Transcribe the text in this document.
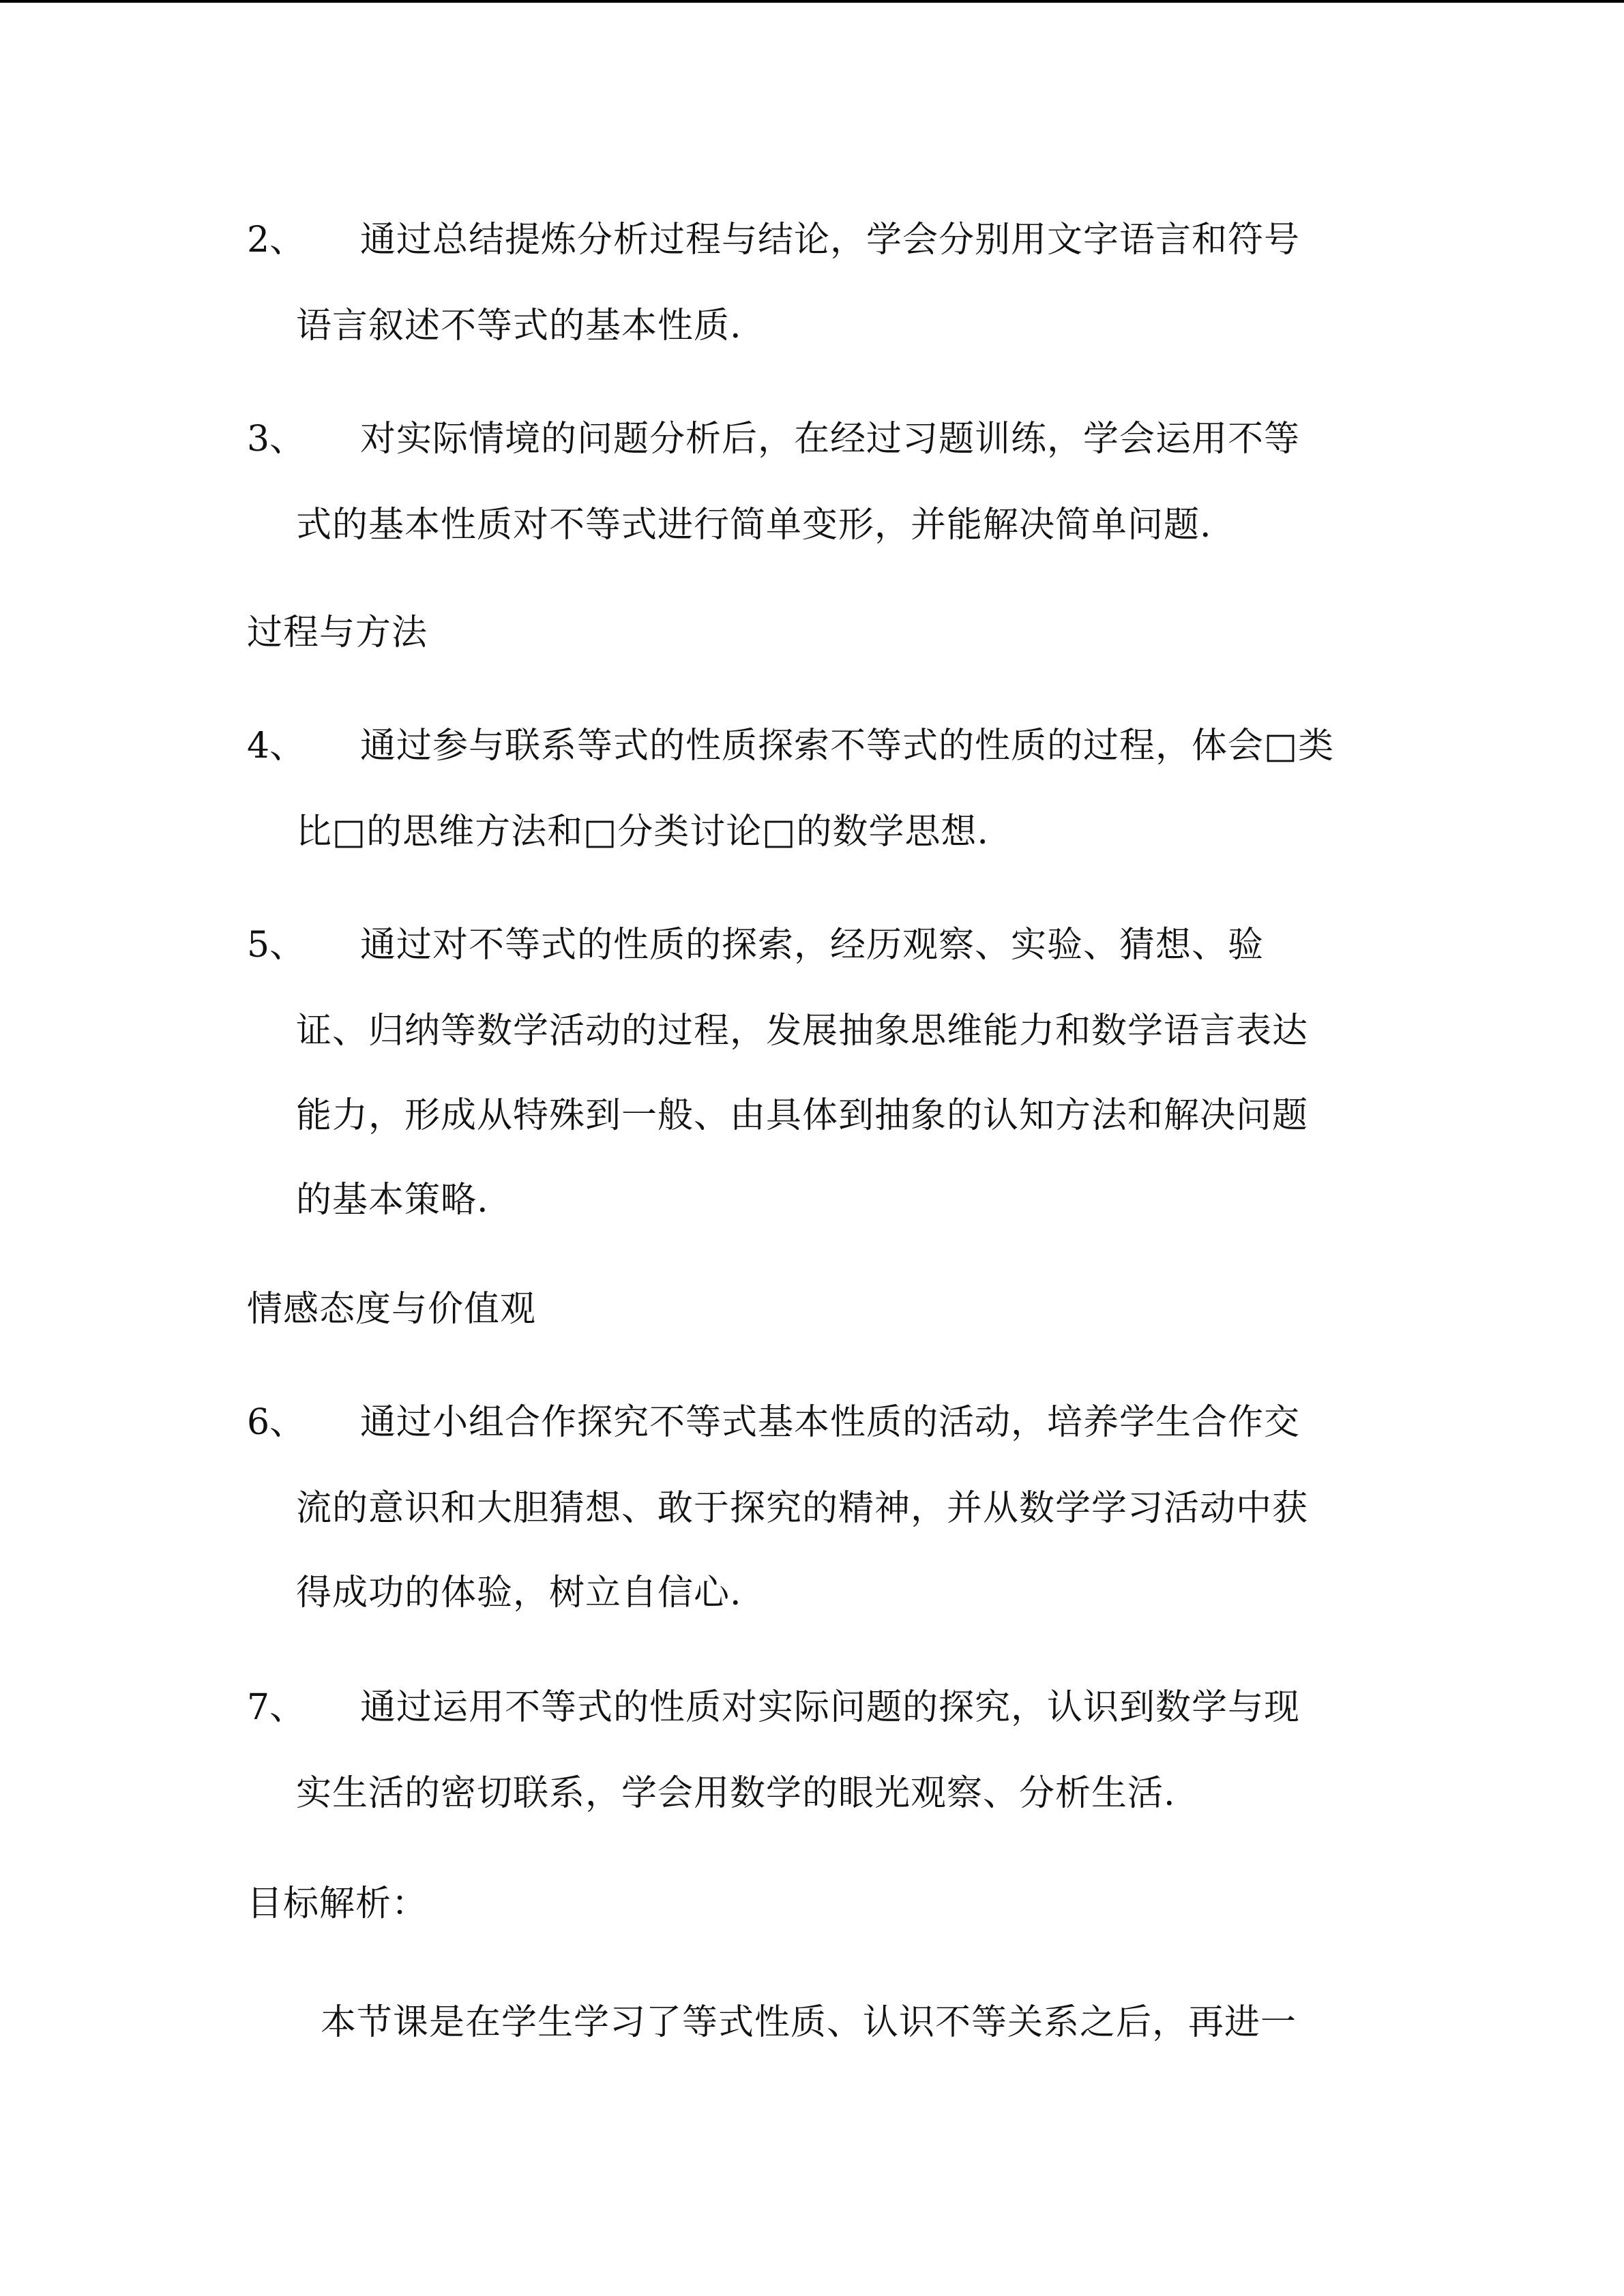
2、 通过总结提炼分析过程与结论，学会分别用文字语言和符号
语言叙述不等式的基本性质.
3、 对实际情境的问题分析后，在经过习题训练，学会运用不等
式的基本性质对不等式进行简单变形，并能解决简单问题.
过程与方法
4、 通过参与联系等式的性质探索不等式的性质的过程，体会□类
比□的思维方法和□分类讨论□的数学思想.
5、 通过对不等式的性质的探索，经历观察、实验、猜想、验
证、归纳等数学活动的过程，发展抽象思维能力和数学语言表达
能力，形成从特殊到一般、由具体到抽象的认知方法和解决问题
的基本策略.
情感态度与价值观
6、 通过小组合作探究不等式基本性质的活动，培养学生合作交
流的意识和大胆猜想、敢于探究的精神，并从数学学习活动中获
得成功的体验，树立自信心.
7、 通过运用不等式的性质对实际问题的探究，认识到数学与现
实生活的密切联系，学会用数学的眼光观察、分析生活.
目标解析：
本节课是在学生学习了等式性质、认识不等关系之后，再进一
